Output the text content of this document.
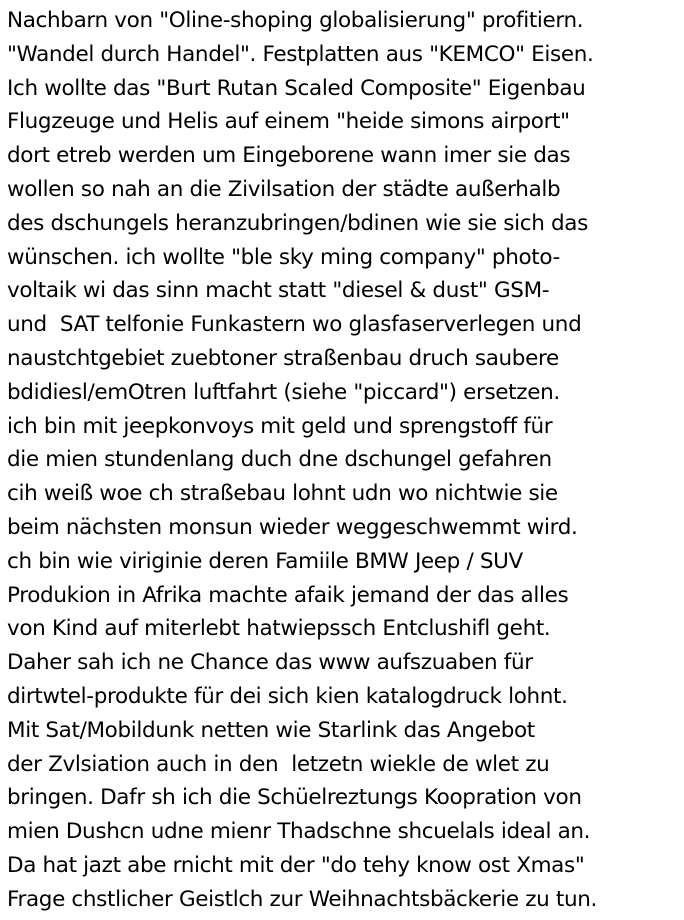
Nachbarn von "Oline-shoping globalisierung" profitiern.
"Wandel durch Handel". Festplatten aus "KEMCO" Eisen.
Ich wollte das "Burt Rutan Scaled Composite" Eigenbau
Flugzeuge und Helis auf einem "heide simons airport"
dort etreb werden um Eingeborene wann imer sie das
wollen so nah an die Zivilsation der städte außerhalb
des dschungels heranzubringen/bdinen wie sie sich das
wünschen. ich wollte "ble sky ming company" photo-
voltaik wi das sinn macht statt "diesel & dust" GSM-
und  SAT telfonie Funkastern wo glasfaserverlegen und
naustchtgebiet zuebtoner straßenbau druch saubere
bdidiesl/emOtren luftfahrt (siehe "piccard") ersetzen.
ich bin mit jeepkonvoys mit geld und sprengstoff für
die mien stundenlang duch dne dschungel gefahren
cih weiß woe ch straßebau lohnt udn wo nichtwie sie
beim nächsten monsun wieder weggeschwemmt wird.
ch bin wie viriginie deren Famiile BMW Jeep / SUV
Produkion in Afrika machte afaik jemand der das alles
von Kind auf miterlebt hatwiepssch Entclushifl geht.
Daher sah ich ne Chance das www aufszuaben für
dirtwtel-produkte für dei sich kien katalogdruck lohnt.
Mit Sat/Mobildunk netten wie Starlink das Angebot
der Zvlsiation auch in den  letzetn wiekle de wlet zu
bringen. Dafr sh ich die Schüelreztungs Koopration von
mien Dushcn udne mienr Thadschne shcuelals ideal an.
Da hat jazt abe rnicht mit der "do tehy know ost Xmas"
Frage chstlicher Geistlch zur Weihnachtsbäckerie zu tun.
